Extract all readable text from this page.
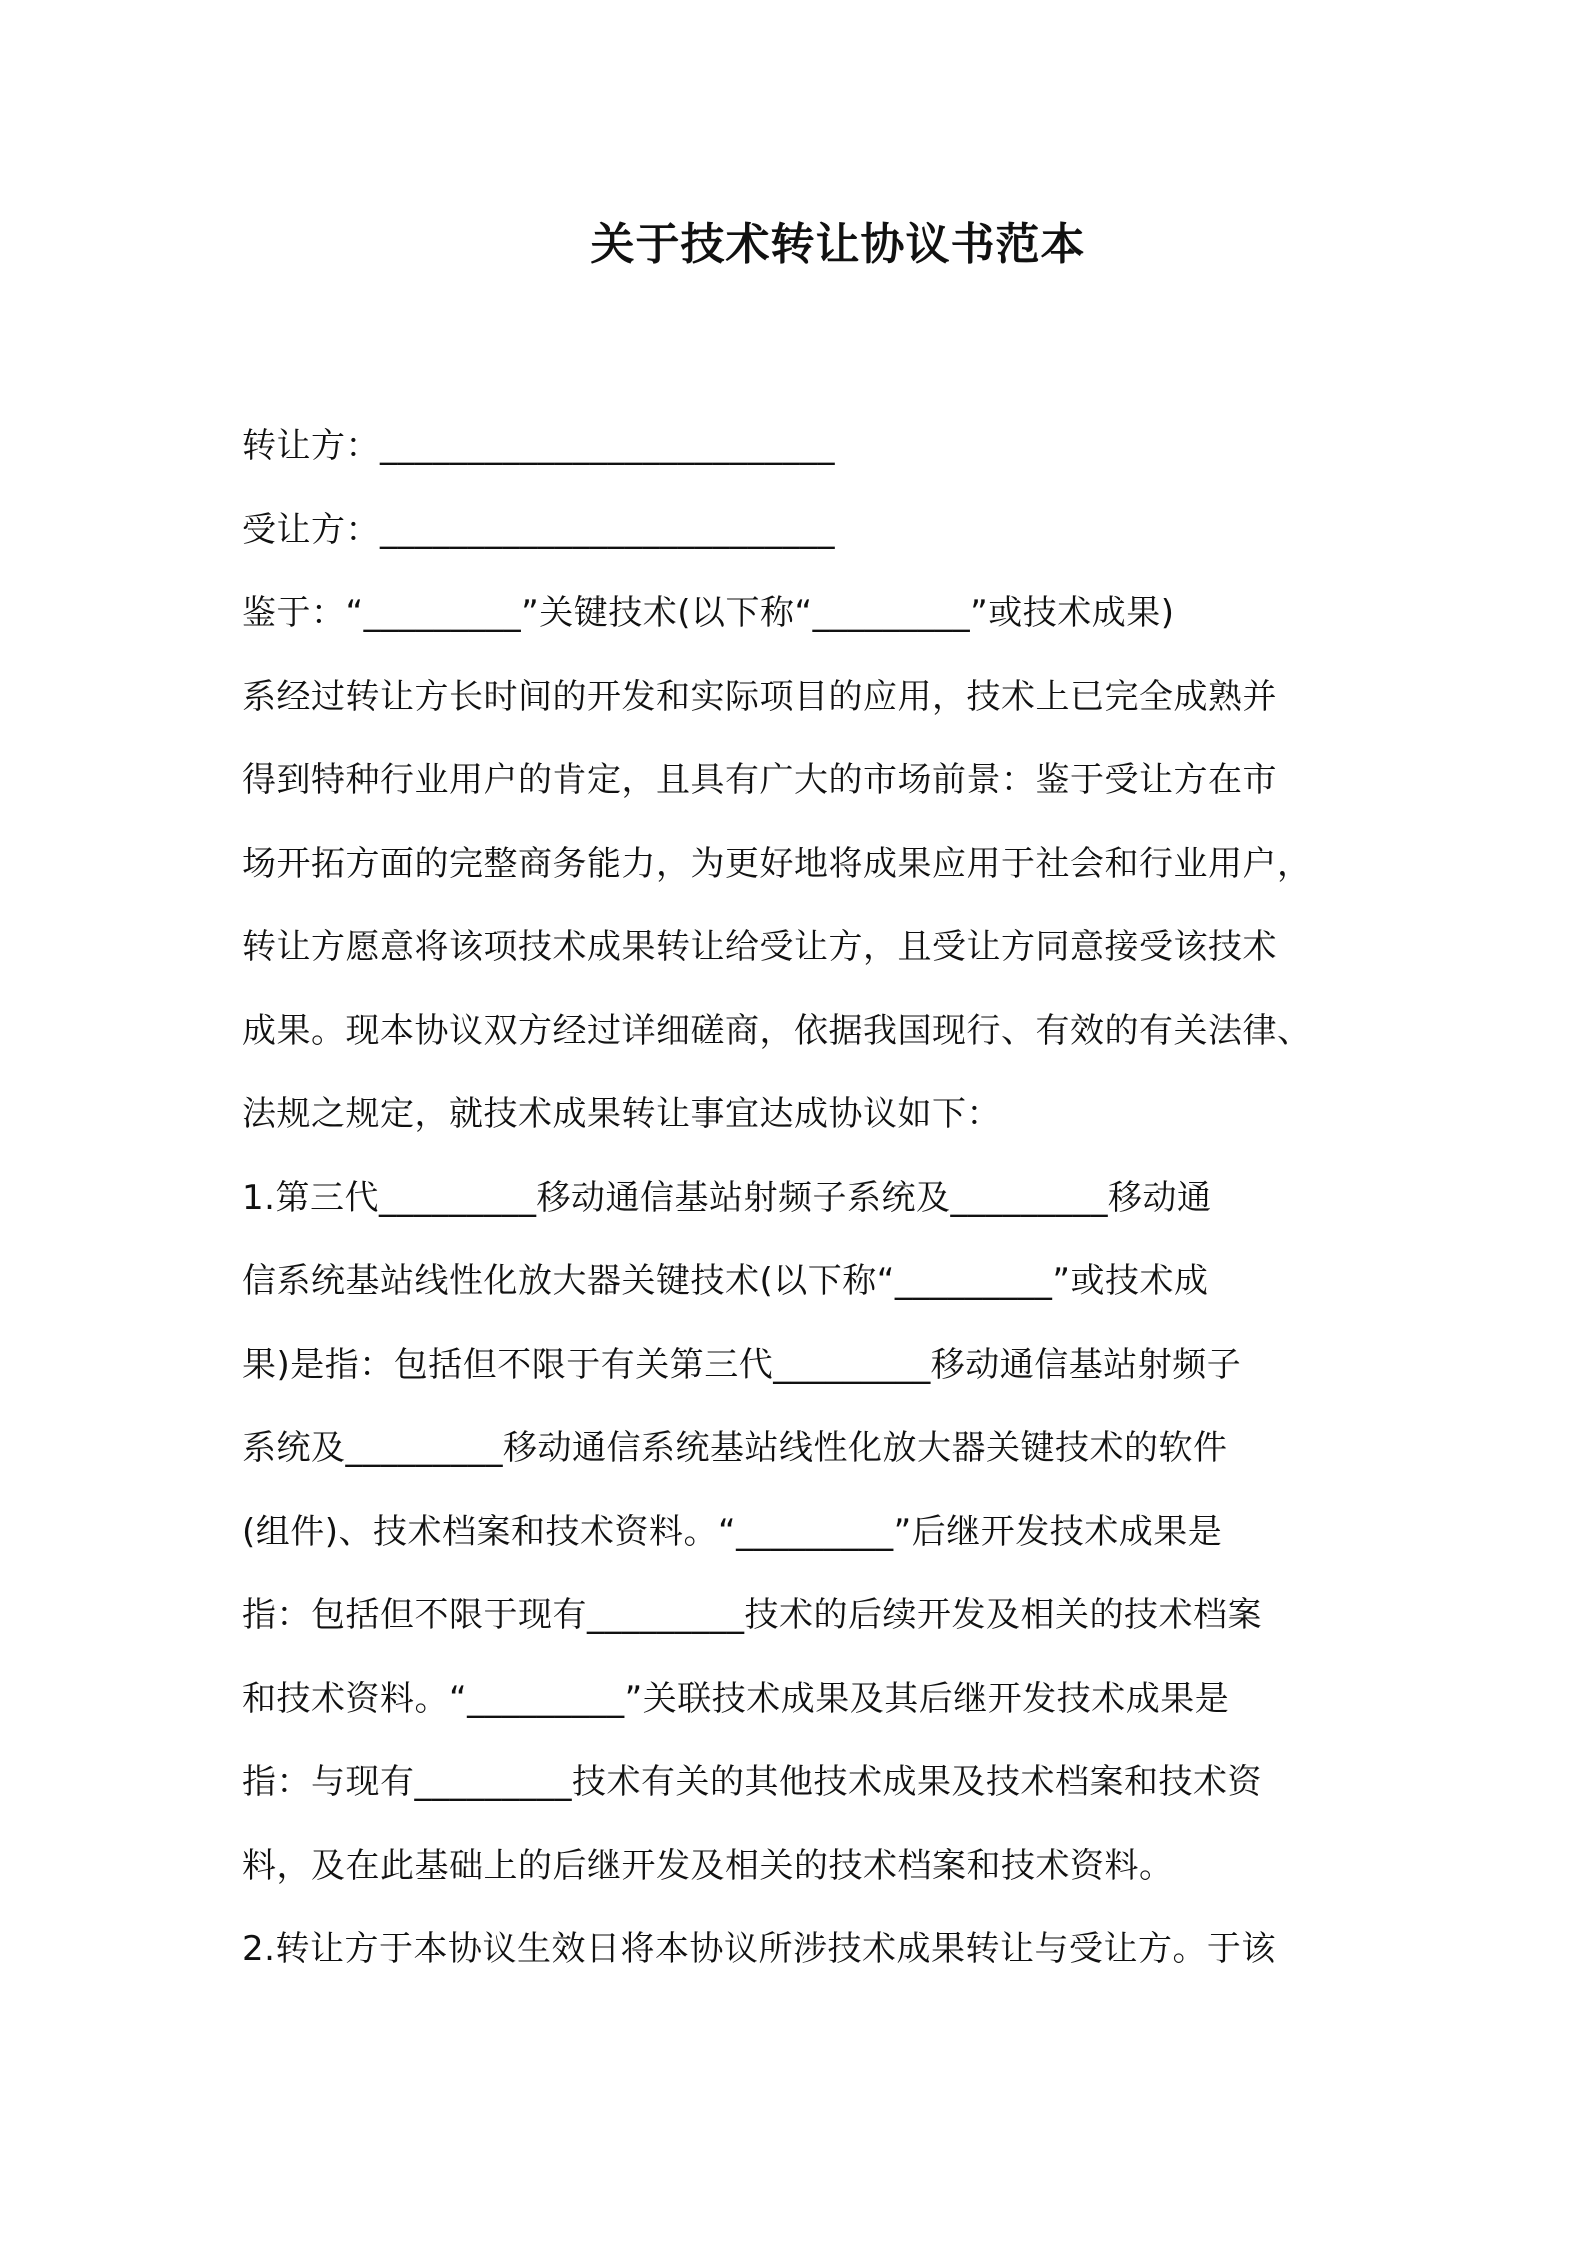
关于技术转让协议书范本
转让方：__________________________
受让方：__________________________
鉴于：“_________”关键技术(以下称“_________”或技术成果)
系经过转让方长时间的开发和实际项目的应用，技术上已完全成熟并
得到特种行业用户的肯定，且具有广大的市场前景：鉴于受让方在市
场开拓方面的完整商务能力，为更好地将成果应用于社会和行业用户，
转让方愿意将该项技术成果转让给受让方，且受让方同意接受该技术
成果。现本协议双方经过详细磋商，依据我国现行、有效的有关法律、
法规之规定，就技术成果转让事宜达成协议如下：
1.第三代_________移动通信基站射频子系统及_________移动通
信系统基站线性化放大器关键技术(以下称“_________”或技术成
果)是指：包括但不限于有关第三代_________移动通信基站射频子
系统及_________移动通信系统基站线性化放大器关键技术的软件
(组件)、技术档案和技术资料。“_________”后继开发技术成果是
指：包括但不限于现有_________技术的后续开发及相关的技术档案
和技术资料。“_________”关联技术成果及其后继开发技术成果是
指：与现有_________技术有关的其他技术成果及技术档案和技术资
料，及在此基础上的后继开发及相关的技术档案和技术资料。
2.转让方于本协议生效日将本协议所涉技术成果转让与受让方。于该
